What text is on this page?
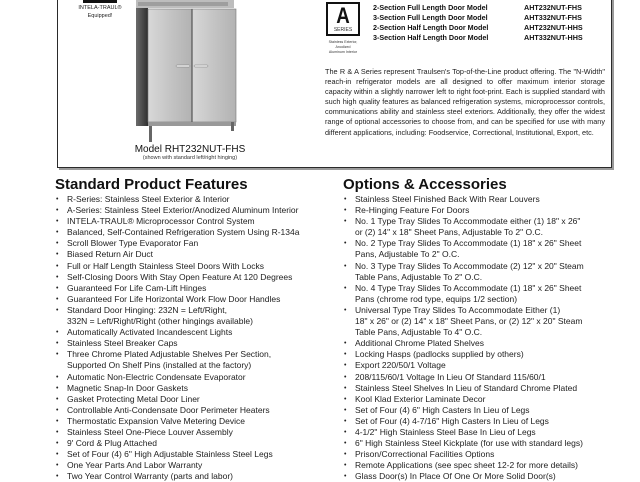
INTELA-TRAUL®
Equipped!
Model RHT232NUT-FHS
(shown with standard left/right hinging)
A
SERIES
Stainless Exterior,
Anodized
Aluminum Interior
2-Section Full Length Door Model	AHT232NUT-FHS
3-Section Full Length Door Model	AHT332NUT-FHS
2-Section Half Length Door Model	AHT232NUT-HHS
3-Section Half Length Door Model	AHT332NUT-HHS
The R & A Series represent Traulsen's Top-of-the-Line product offering. The "N-Width" reach-in refrigerator models are all designed to offer maximum interior storage capacity within a slightly narrower left to right foot-print. Each is supplied standard with such high quality features as balanced refrigeration systems, microprocessor controls, communications ability and stainless steel exteriors. Additionally, they offer the widest range of optional accessories to choose from, and can be specified for use with many different applications, including: Foodservice, Correctional, Institutional, Export, etc.
Standard Product Features
• R-Series: Stainless Steel Exterior & Interior
• A-Series: Stainless Steel Exterior/Anodized Aluminum Interior
• INTELA-TRAUL® Microprocessor Control System
• Balanced, Self-Contained Refrigeration System Using R-134a
• Scroll Blower Type Evaporator Fan
• Biased Return Air Duct
• Full or Half Length Stainless Steel Doors With Locks
• Self-Closing Doors With Stay Open Feature At 120 Degrees
• Guaranteed For Life Cam-Lift Hinges
• Guaranteed For Life Horizontal Work Flow Door Handles
• Standard Door Hinging: 232N = Left/Right,
332N = Left/Right/Right (other hingings available)
• Automatically Activated Incandescent Lights
• Stainless Steel Breaker Caps
• Three Chrome Plated Adjustable Shelves Per Section,
Supported On Shelf Pins (installed at the factory)
• Automatic Non-Electric Condensate Evaporator
• Magnetic Snap-In Door Gaskets
• Gasket Protecting Metal Door Liner
• Controllable Anti-Condensate Door Perimeter Heaters
• Thermostatic Expansion Valve Metering Device
• Stainless Steel One-Piece Louver Assembly
• 9' Cord & Plug Attached
• Set of Four (4) 6" High Adjustable Stainless Steel Legs
• One Year Parts And Labor Warranty
• Two Year Control Warranty (parts and labor)
Options & Accessories
• Stainless Steel Finished Back With Rear Louvers
• Re-Hinging Feature For Doors
• No. 1 Type Tray Slides To Accommodate either (1) 18" x 26"
or (2) 14" x 18" Sheet Pans, Adjustable To 2" O.C.
• No. 2 Type Tray Slides To Accommodate (1) 18" x 26" Sheet
Pans, Adjustable To 2" O.C.
• No. 3 Type Tray Slides To Accommodate (2) 12" x 20" Steam
Table Pans, Adjustable To 2" O.C.
• No. 4 Type Tray Slides To Accommodate (1) 18" x 26" Sheet
Pans (chrome rod type, equips 1/2 section)
• Universal Type Tray Slides To Accommodate Either (1)
18" x 26" or (2) 14" x 18" Sheet Pans, or (2) 12" x 20" Steam
Table Pans, Adjustable To 4" O.C.
• Additional Chrome Plated Shelves
• Locking Hasps (padlocks supplied by others)
• Export 220/50/1 Voltage
• 208/115/60/1 Voltage In Lieu Of Standard 115/60/1
• Stainless Steel Shelves In Lieu of Standard Chrome Plated
• Kool Klad Exterior Laminate Decor
• Set of Four (4) 6" High Casters In Lieu of Legs
• Set of Four (4) 4-7/16" High Casters In Lieu of Legs
• 4-1/2" High Stainless Steel Base In Lieu of Legs
• 6" High Stainless Steel Kickplate (for use with standard legs)
• Prison/Correctional Facilities Options
• Remote Applications (see spec sheet 12-2 for more details)
• Glass Door(s) In Place Of One Or More Solid Door(s)
